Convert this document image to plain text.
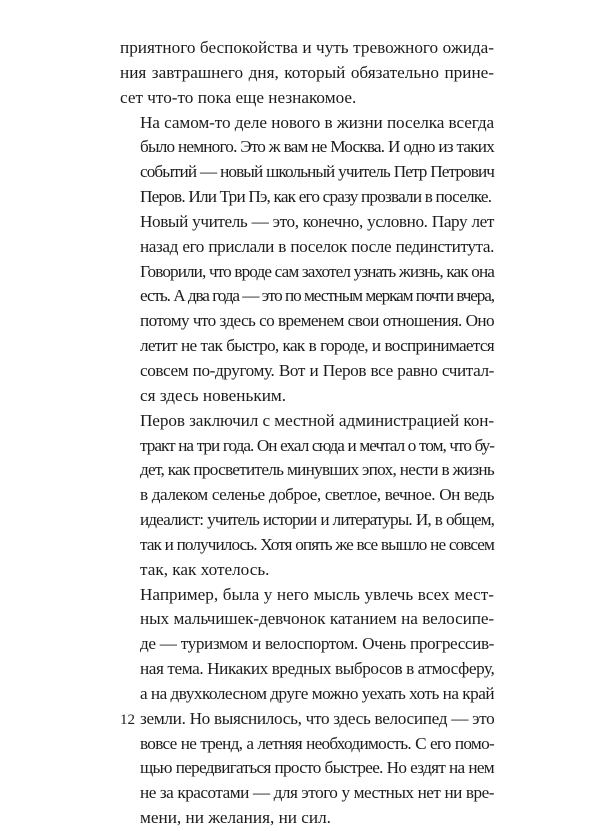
приятного беспокойства и чуть тревожного ожида-
ния завтрашнего дня, который обязательно прине-
сет что-то пока еще незнакомое.

На самом-то деле нового в жизни поселка всегда
было немного. Это ж вам не Москва. И одно из таких
событий — новый школьный учитель Петр Петрович
Перов. Или Три Пэ, как его сразу прозвали в поселке.

Новый учитель — это, конечно, условно. Пару лет
назад его прислали в поселок после пединститута.
Говорили, что вроде сам захотел узнать жизнь, как она
есть. А два года — это по местным меркам почти вчера,
потому что здесь со временем свои отношения. Оно
летит не так быстро, как в городе, и воспринимается
совсем по-другому. Вот и Перов все равно считал-
ся здесь новеньким.

Перов заключил с местной администрацией кон-
тракт на три года. Он ехал сюда и мечтал о том, что бу-
дет, как просветитель минувших эпох, нести в жизнь
в далеком селенье доброе, светлое, вечное. Он ведь
идеалист: учитель истории и литературы. И, в общем,
так и получилось. Хотя опять же все вышло не совсем
так, как хотелось.

Например, была у него мысль увлечь всех мест-
ных мальчишек-девчонок катанием на велосипе-
де — туризмом и велоспортом. Очень прогрессив-
ная тема. Никаких вредных выбросов в атмосферу,
а на двухколесном друге можно уехать хоть на край
земли. Но выяснилось, что здесь велосипед — это
вовсе не тренд, а летняя необходимость. С его помо-
щью передвигаться просто быстрее. Но ездят на нем
не за красотами — для этого у местных нет ни вре-
мени, ни желания, ни сил.

12
